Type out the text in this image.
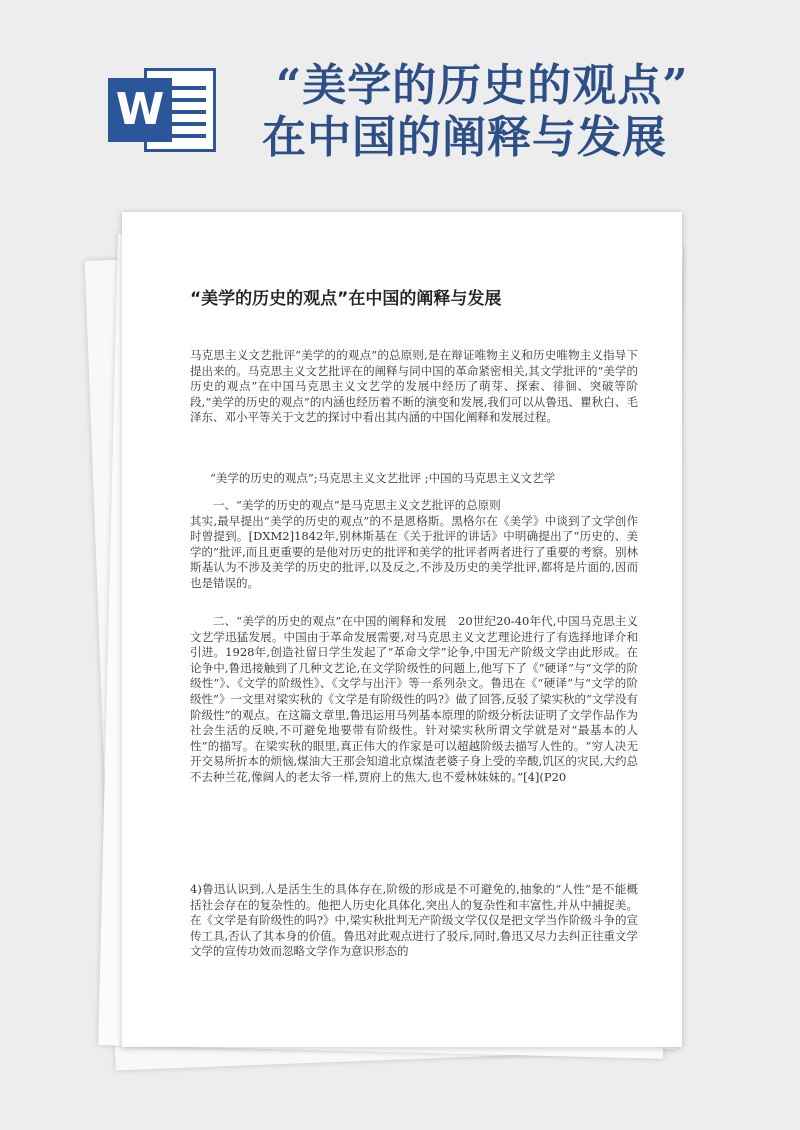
W	“美学的历史的观点”
在中国的阐释与发展
“美学的历史的观点”在中国的阐释与发展
马克思主义文艺批评“美学的的观点”的总原则,是在辩证唯物主义和历史唯物主义指导下提出来的。马克思主义文艺批评在的阐释与同中国的革命紧密相关,其文学批评的“美学的历史的观点”在中国马克思主义文艺学的发展中经历了萌芽、探索、徘徊、突破等阶段,“美学的历史的观点”的内涵也经历着不断的演变和发展,我们可以从鲁迅、瞿秋白、毛泽东、邓小平等关于文艺的探讨中看出其内涵的中国化阐释和发展过程。
“美学的历史的观点”;马克思主义文艺批评 ;中国的马克思主义文艺学
一、“美学的历史的观点”是马克思主义文艺批评的总原则
其实,最早提出“美学的历史的观点”的不是恩格斯。黑格尔在《美学》中谈到了文学创作时曾提到。[DXM2]1842年,别林斯基在《关于批评的讲话》中明确提出了“历史的、美学的”批评,而且更重要的是他对历史的批评和美学的批评者两者进行了重要的考察。别林斯基认为不涉及美学的历史的批评,以及反之,不涉及历史的美学批评,都将是片面的,因而也是错误的。
二、“美学的历史的观点”在中国的阐释和发展　20世纪20-40年代,中国马克思主义文艺学迅猛发展。中国由于革命发展需要,对马克思主义文艺理论进行了有选择地译介和引进。1928年,创造社留日学生发起了“革命文学”论争,中国无产阶级文学由此形成。在论争中,鲁迅接触到了几种文艺论,在文学阶级性的问题上,他写下了《“硬译”与“文学的阶级性”》、《文学的阶级性》、《文学与出汗》等一系列杂文。鲁迅在《“硬译”与“文学的阶级性”》一文里对梁实秋的《文学是有阶级性的吗?》做了回答,反驳了梁实秋的“文学没有阶级性”的观点。在这篇文章里,鲁迅运用马列基本原理的阶级分析法证明了文学作品作为社会生活的反映,不可避免地要带有阶级性。针对梁实秋所谓文学就是对“最基本的人性”的描写。在梁实秋的眼里,真正伟大的作家是可以超越阶级去描写人性的。“穷人决无开交易所折本的烦恼,煤油大王那会知道北京煤渣老婆子身上受的辛酸,饥区的灾民,大约总不去种兰花,像阔人的老太爷一样,贾府上的焦大,也不爱林妹妹的。”[4](P20
4)鲁迅认识到,人是活生生的具体存在,阶级的形成是不可避免的,抽象的“人性”是不能概括社会存在的复杂性的。他把人历史化具体化,突出人的复杂性和丰富性,并从中捕捉美。在《文学是有阶级性的吗?》中,梁实秋批判无产阶级文学仅仅是把文学当作阶级斗争的宣传工具,否认了其本身的价值。鲁迅对此观点进行了驳斥,同时,鲁迅又尽力去纠正往重文学文学的宣传功效而忽略文学作为意识形态的
